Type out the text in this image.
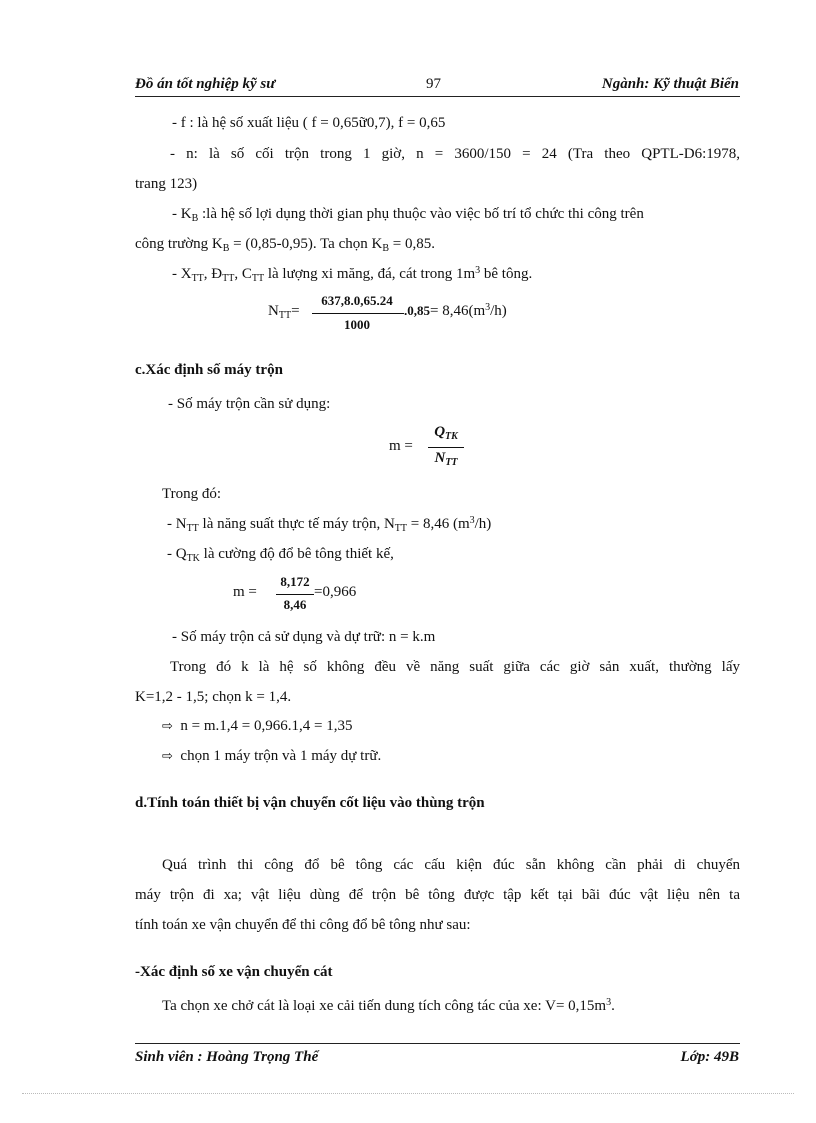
Đồ án tốt nghiệp kỹ sư	97	Ngành: Kỹ thuật Biển
- f : là hệ số xuất liệu ( f = 0,65ữ0,7), f = 0,65
- n: là số cối trộn trong 1 giờ, n = 3600/150 = 24 (Tra theo QPTL-D6:1978,
trang 123)
- $K_B$ :là hệ số lợi dụng thời gian phụ thuộc vào việc bố trí tổ chức thi công trên
công trường $K_B = (0,85-0,95)$. Ta chọn $K_B = 0,85$.
- $X_{TT}$, $Đ_{TT}$, $C_{TT}$ là lượng xi măng, đá, cát trong $1m^3$ bê tông.
$N_{TT}=$
637,8.0,65.24
1000
$.0,85= 8,46(m^3/h)$
c.Xác định số máy trộn
- Số máy trộn cần sử dụng:
m =
$Q_{TK}$
$N_{TT}$
Trong đó:
- $N_{TT}$ là năng suất thực tế máy trộn, $N_{TT} = 8,46$ $(m^3/h)$
- $Q_{TK}$ là cường độ đổ bê tông thiết kế,
m =
8,172
8,46
=0,966
- Số máy trộn cả sử dụng và dự trữ: n = k.m
Trong đó k là hệ số không đều về năng suất giữa các giờ sản xuất, thường lấy
K=1,2 - 1,5; chọn k = 1,4.
⇨ n = m.1,4 = 0,966.1,4 = 1,35
⇨ chọn 1 máy trộn và 1 máy dự trữ.
d.Tính toán thiết bị vận chuyển cốt liệu vào thùng trộn
Quá trình thi công đổ bê tông các cấu kiện đúc sẵn không cần phải di chuyển
máy trộn đi xa; vật liệu dùng để trộn bê tông được tập kết tại bãi đúc vật liệu nên ta
tính toán xe vận chuyển để thi công đổ bê tông như sau:
-Xác định số xe vận chuyển cát
Ta chọn xe chở cát là loại xe cải tiến dung tích công tác của xe: $V= 0,15m^3$.
Sinh viên : Hoàng Trọng Thể	Lớp: 49B
